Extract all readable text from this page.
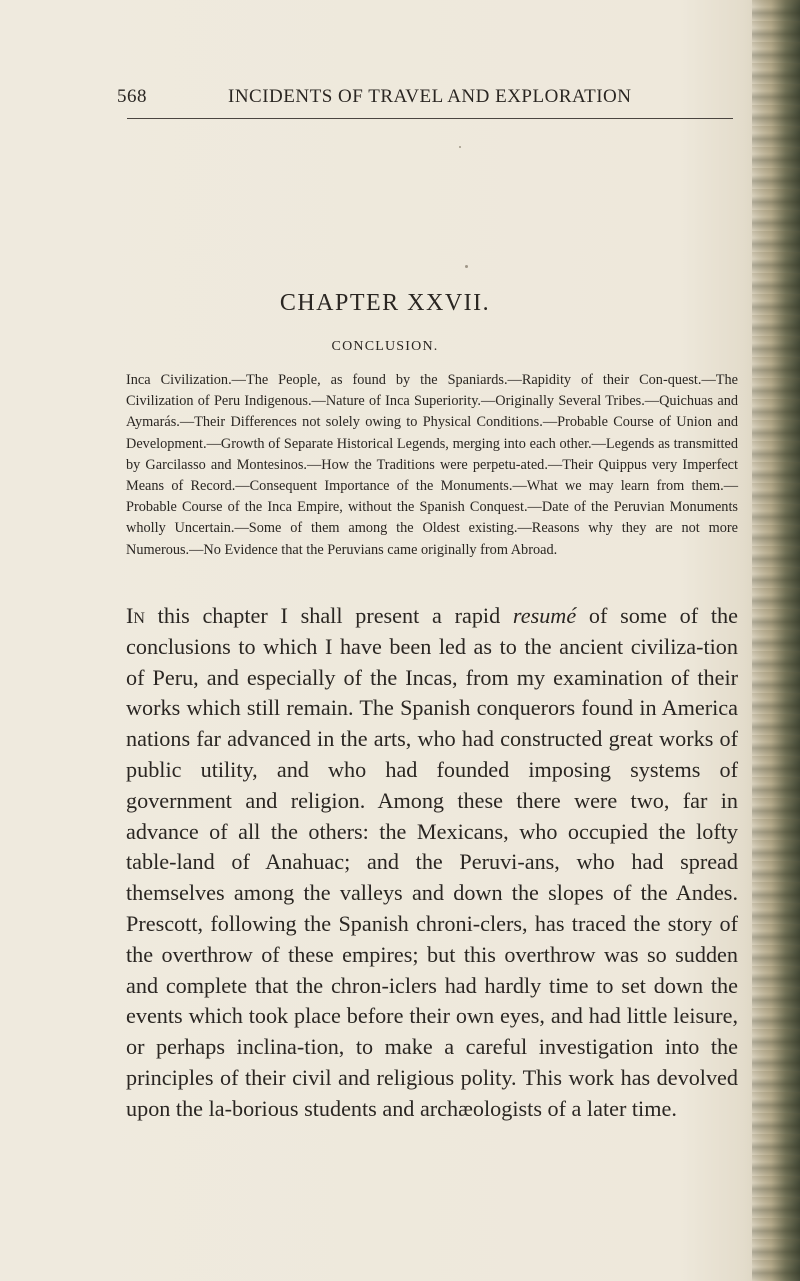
568	INCIDENTS OF TRAVEL AND EXPLORATION
CHAPTER XXVII.
CONCLUSION.
Inca Civilization.—The People, as found by the Spaniards.—Rapidity of their Con-quest.—The Civilization of Peru Indigenous.—Nature of Inca Superiority.—Originally Several Tribes.—Quichuas and Aymarás.—Their Differences not solely owing to Physical Conditions.—Probable Course of Union and Development.—Growth of Separate Historical Legends, merging into each other.—Legends as transmitted by Garcilasso and Montesinos.—How the Traditions were perpetu-ated.—Their Quippus very Imperfect Means of Record.—Consequent Importance of the Monuments.—What we may learn from them.—Probable Course of the Inca Empire, without the Spanish Conquest.—Date of the Peruvian Monuments wholly Uncertain.—Some of them among the Oldest existing.—Reasons why they are not more Numerous.—No Evidence that the Peruvians came originally from Abroad.
In this chapter I shall present a rapid resumé of some of the conclusions to which I have been led as to the ancient civiliza-tion of Peru, and especially of the Incas, from my examination of their works which still remain. The Spanish conquerors found in America nations far advanced in the arts, who had constructed great works of public utility, and who had founded imposing systems of government and religion. Among these there were two, far in advance of all the others: the Mexicans, who occupied the lofty table-land of Anahuac; and the Peruvi-ans, who had spread themselves among the valleys and down the slopes of the Andes. Prescott, following the Spanish chroni-clers, has traced the story of the overthrow of these empires; but this overthrow was so sudden and complete that the chron-iclers had hardly time to set down the events which took place before their own eyes, and had little leisure, or perhaps inclina-tion, to make a careful investigation into the principles of their civil and religious polity. This work has devolved upon the la-borious students and archæologists of a later time.
